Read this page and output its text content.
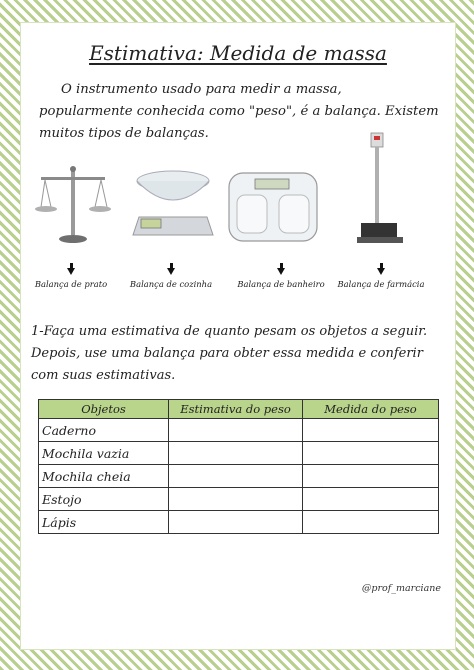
Estimativa: Medida de massa
O instrumento usado para medir a massa, popularmente conhecida como "peso", é a balança. Existem muitos tipos de balanças.
Balança de prato	Balança de cozinha	Balança de banheiro	Balança de farmácia
1-Faça uma estimativa de quanto pesam os objetos a seguir. Depois, use uma balança para obter essa medida e conferir com suas estimativas.
Objetos	Estimativa do peso	Medida do peso
Caderno		
Mochila vazia		
Mochila cheia		
Estojo		
Lápis		
@prof_marciane
